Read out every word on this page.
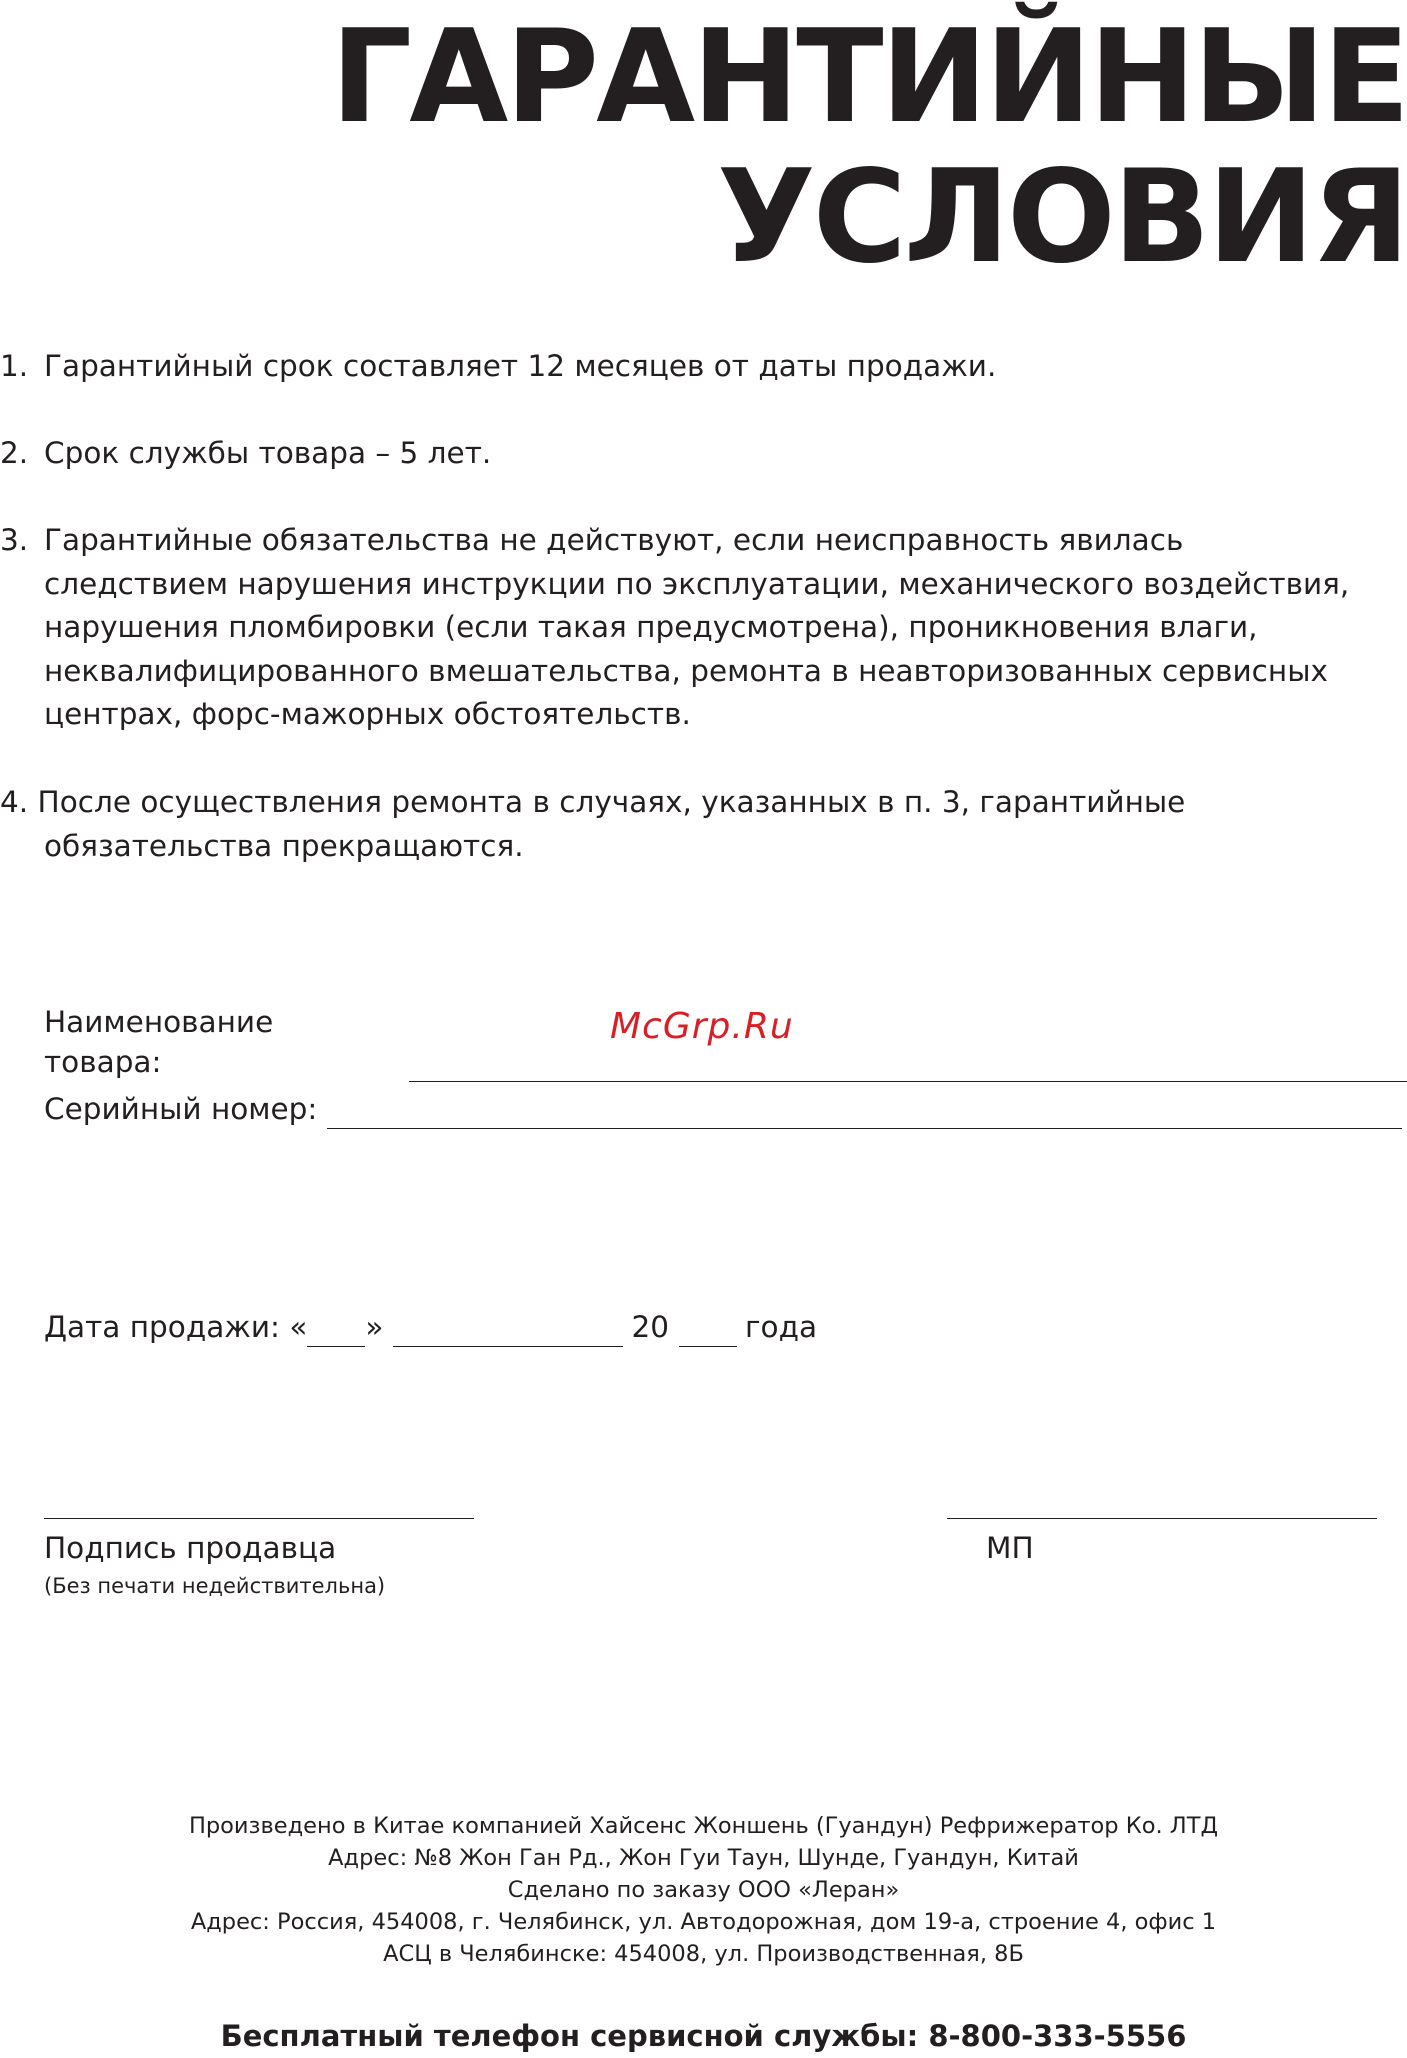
ГАРАНТИЙНЫЕ
УСЛОВИЯ
1. Гарантийный срок составляет 12 месяцев от даты продажи.
2. Срок службы товара – 5 лет.
3. Гарантийные обязательства не действуют, если неисправность явилась следствием нарушения инструкции по эксплуатации, механического воздействия, нарушения пломбировки (если такая предусмотрена), проникновения влаги, неквалифицированного вмешательства, ремонта в неавторизованных сервисных центрах, форс-мажорных обстоятельств.
4. После осуществления ремонта в случаях, указанных в п. 3, гарантийные обязательства прекращаются.
Наименование товара:
McGrp.Ru
Серийный номер:
Дата продажи: « »	20	года
Подпись продавца
(Без печати недействительна)
МП
Произведено в Китае компанией Хайсенс Жоншень (Гуандун) Рефрижератор Ко. ЛТД
Адрес: №8 Жон Ган Рд., Жон Гуи Таун, Шунде, Гуандун, Китай
Сделано по заказу ООО «Леран»
Адрес: Россия, 454008, г. Челябинск, ул. Автодорожная, дом 19-а, строение 4, офис 1
АСЦ в Челябинске: 454008, ул. Производственная, 8Б
Бесплатный телефон сервисной службы: 8-800-333-5556
